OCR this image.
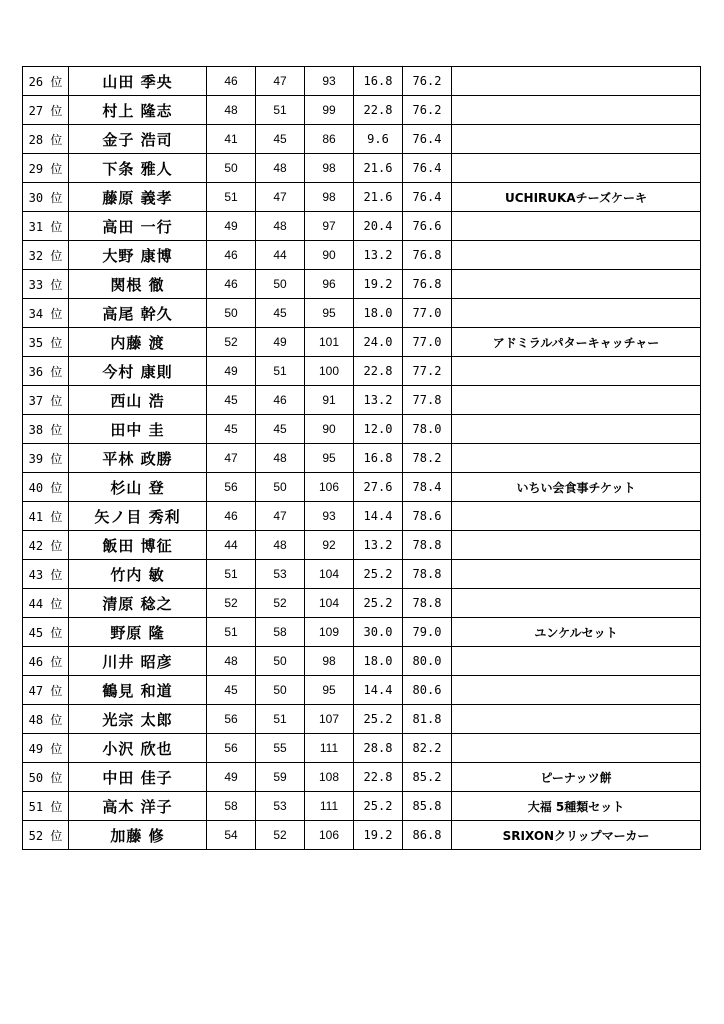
26 位	山田 季央	46	47	93	16.8	76.2	
27 位	村上 隆志	48	51	99	22.8	76.2	
28 位	金子 浩司	41	45	86	9.6	76.4	
29 位	下条 雅人	50	48	98	21.6	76.4	
30 位	藤原 義孝	51	47	98	21.6	76.4	UCHIRUKAチーズケーキ
31 位	高田 一行	49	48	97	20.4	76.6	
32 位	大野 康博	46	44	90	13.2	76.8	
33 位	関根 徹	46	50	96	19.2	76.8	
34 位	高尾 幹久	50	45	95	18.0	77.0	
35 位	内藤 渡	52	49	101	24.0	77.0	アドミラルパターキャッチャー
36 位	今村 康則	49	51	100	22.8	77.2	
37 位	西山 浩	45	46	91	13.2	77.8	
38 位	田中 圭	45	45	90	12.0	78.0	
39 位	平林 政勝	47	48	95	16.8	78.2	
40 位	杉山 登	56	50	106	27.6	78.4	いちい会食事チケット
41 位	矢ノ目 秀利	46	47	93	14.4	78.6	
42 位	飯田 博征	44	48	92	13.2	78.8	
43 位	竹内 敏	51	53	104	25.2	78.8	
44 位	清原 稔之	52	52	104	25.2	78.8	
45 位	野原 隆	51	58	109	30.0	79.0	ユンケルセット
46 位	川井 昭彦	48	50	98	18.0	80.0	
47 位	鶴見 和道	45	50	95	14.4	80.6	
48 位	光宗 太郎	56	51	107	25.2	81.8	
49 位	小沢 欣也	56	55	111	28.8	82.2	
50 位	中田 佳子	49	59	108	22.8	85.2	ピーナッツ餅
51 位	高木 洋子	58	53	111	25.2	85.8	大福 5種類セット
52 位	加藤 修	54	52	106	19.2	86.8	SRIXONクリップマーカー
